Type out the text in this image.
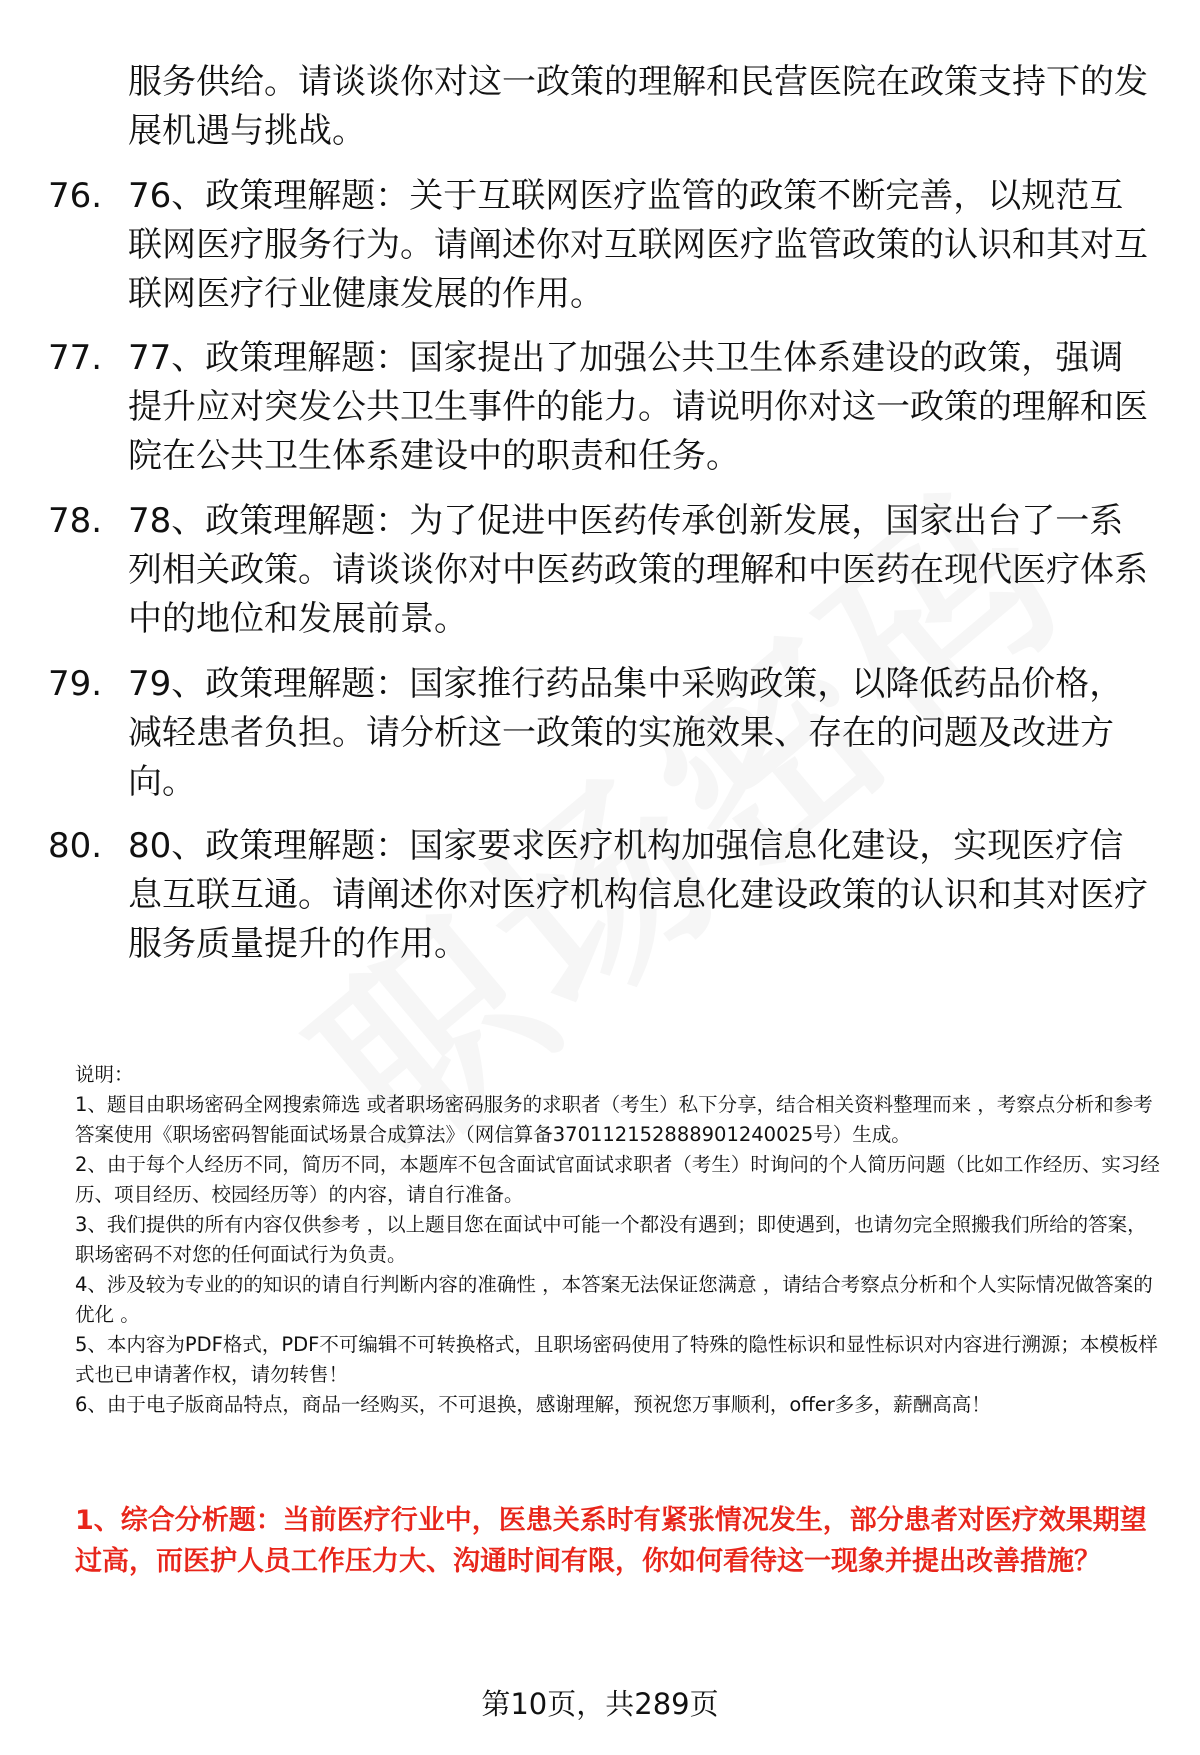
服务供给。请谈谈你对这一政策的理解和民营医院在政策支持下的发展机遇与挑战。

76. 76、政策理解题：关于互联网医疗监管的政策不断完善，以规范互联网医疗服务行为。请阐述你对互联网医疗监管政策的认识和其对互联网医疗行业健康发展的作用。

77. 77、政策理解题：国家提出了加强公共卫生体系建设的政策，强调提升应对突发公共卫生事件的能力。请说明你对这一政策的理解和医院在公共卫生体系建设中的职责和任务。

78. 78、政策理解题：为了促进中医药传承创新发展，国家出台了一系列相关政策。请谈谈你对中医药政策的理解和中医药在现代医疗体系中的地位和发展前景。

79. 79、政策理解题：国家推行药品集中采购政策，以降低药品价格，减轻患者负担。请分析这一政策的实施效果、存在的问题及改进方向。

80. 80、政策理解题：国家要求医疗机构加强信息化建设，实现医疗信息互联互通。请阐述你对医疗机构信息化建设政策的认识和其对医疗服务质量提升的作用。

说明：

1、题目由职场密码全网搜索筛选 或者职场密码服务的求职者（考生）私下分享，结合相关资料整理而来 ，考察点分析和参考答案使用《职场密码智能面试场景合成算法》（网信算备370112152888901240025号）生成。

2、由于每个人经历不同，简历不同，本题库不包含面试官面试求职者（考生）时询问的个人简历问题（比如工作经历、实习经历、项目经历、校园经历等）的内容，请自行准备。

3、我们提供的所有内容仅供参考 ，以上题目您在面试中可能一个都没有遇到；即使遇到，也请勿完全照搬我们所给的答案，职场密码不对您的任何面试行为负责。

4、涉及较为专业的的知识的请自行判断内容的准确性 ，本答案无法保证您满意 ，请结合考察点分析和个人实际情况做答案的优化 。

5、本内容为PDF格式，PDF不可编辑不可转换格式，且职场密码使用了特殊的隐性标识和显性标识对内容进行溯源；本模板样式也已申请著作权，请勿转售！

6、由于电子版商品特点，商品一经购买，不可退换，感谢理解，预祝您万事顺利，offer多多，薪酬高高！

1、综合分析题：当前医疗行业中，医患关系时有紧张情况发生，部分患者对医疗效果期望过高，而医护人员工作压力大、沟通时间有限，你如何看待这一现象并提出改善措施？

第10页，共289页
